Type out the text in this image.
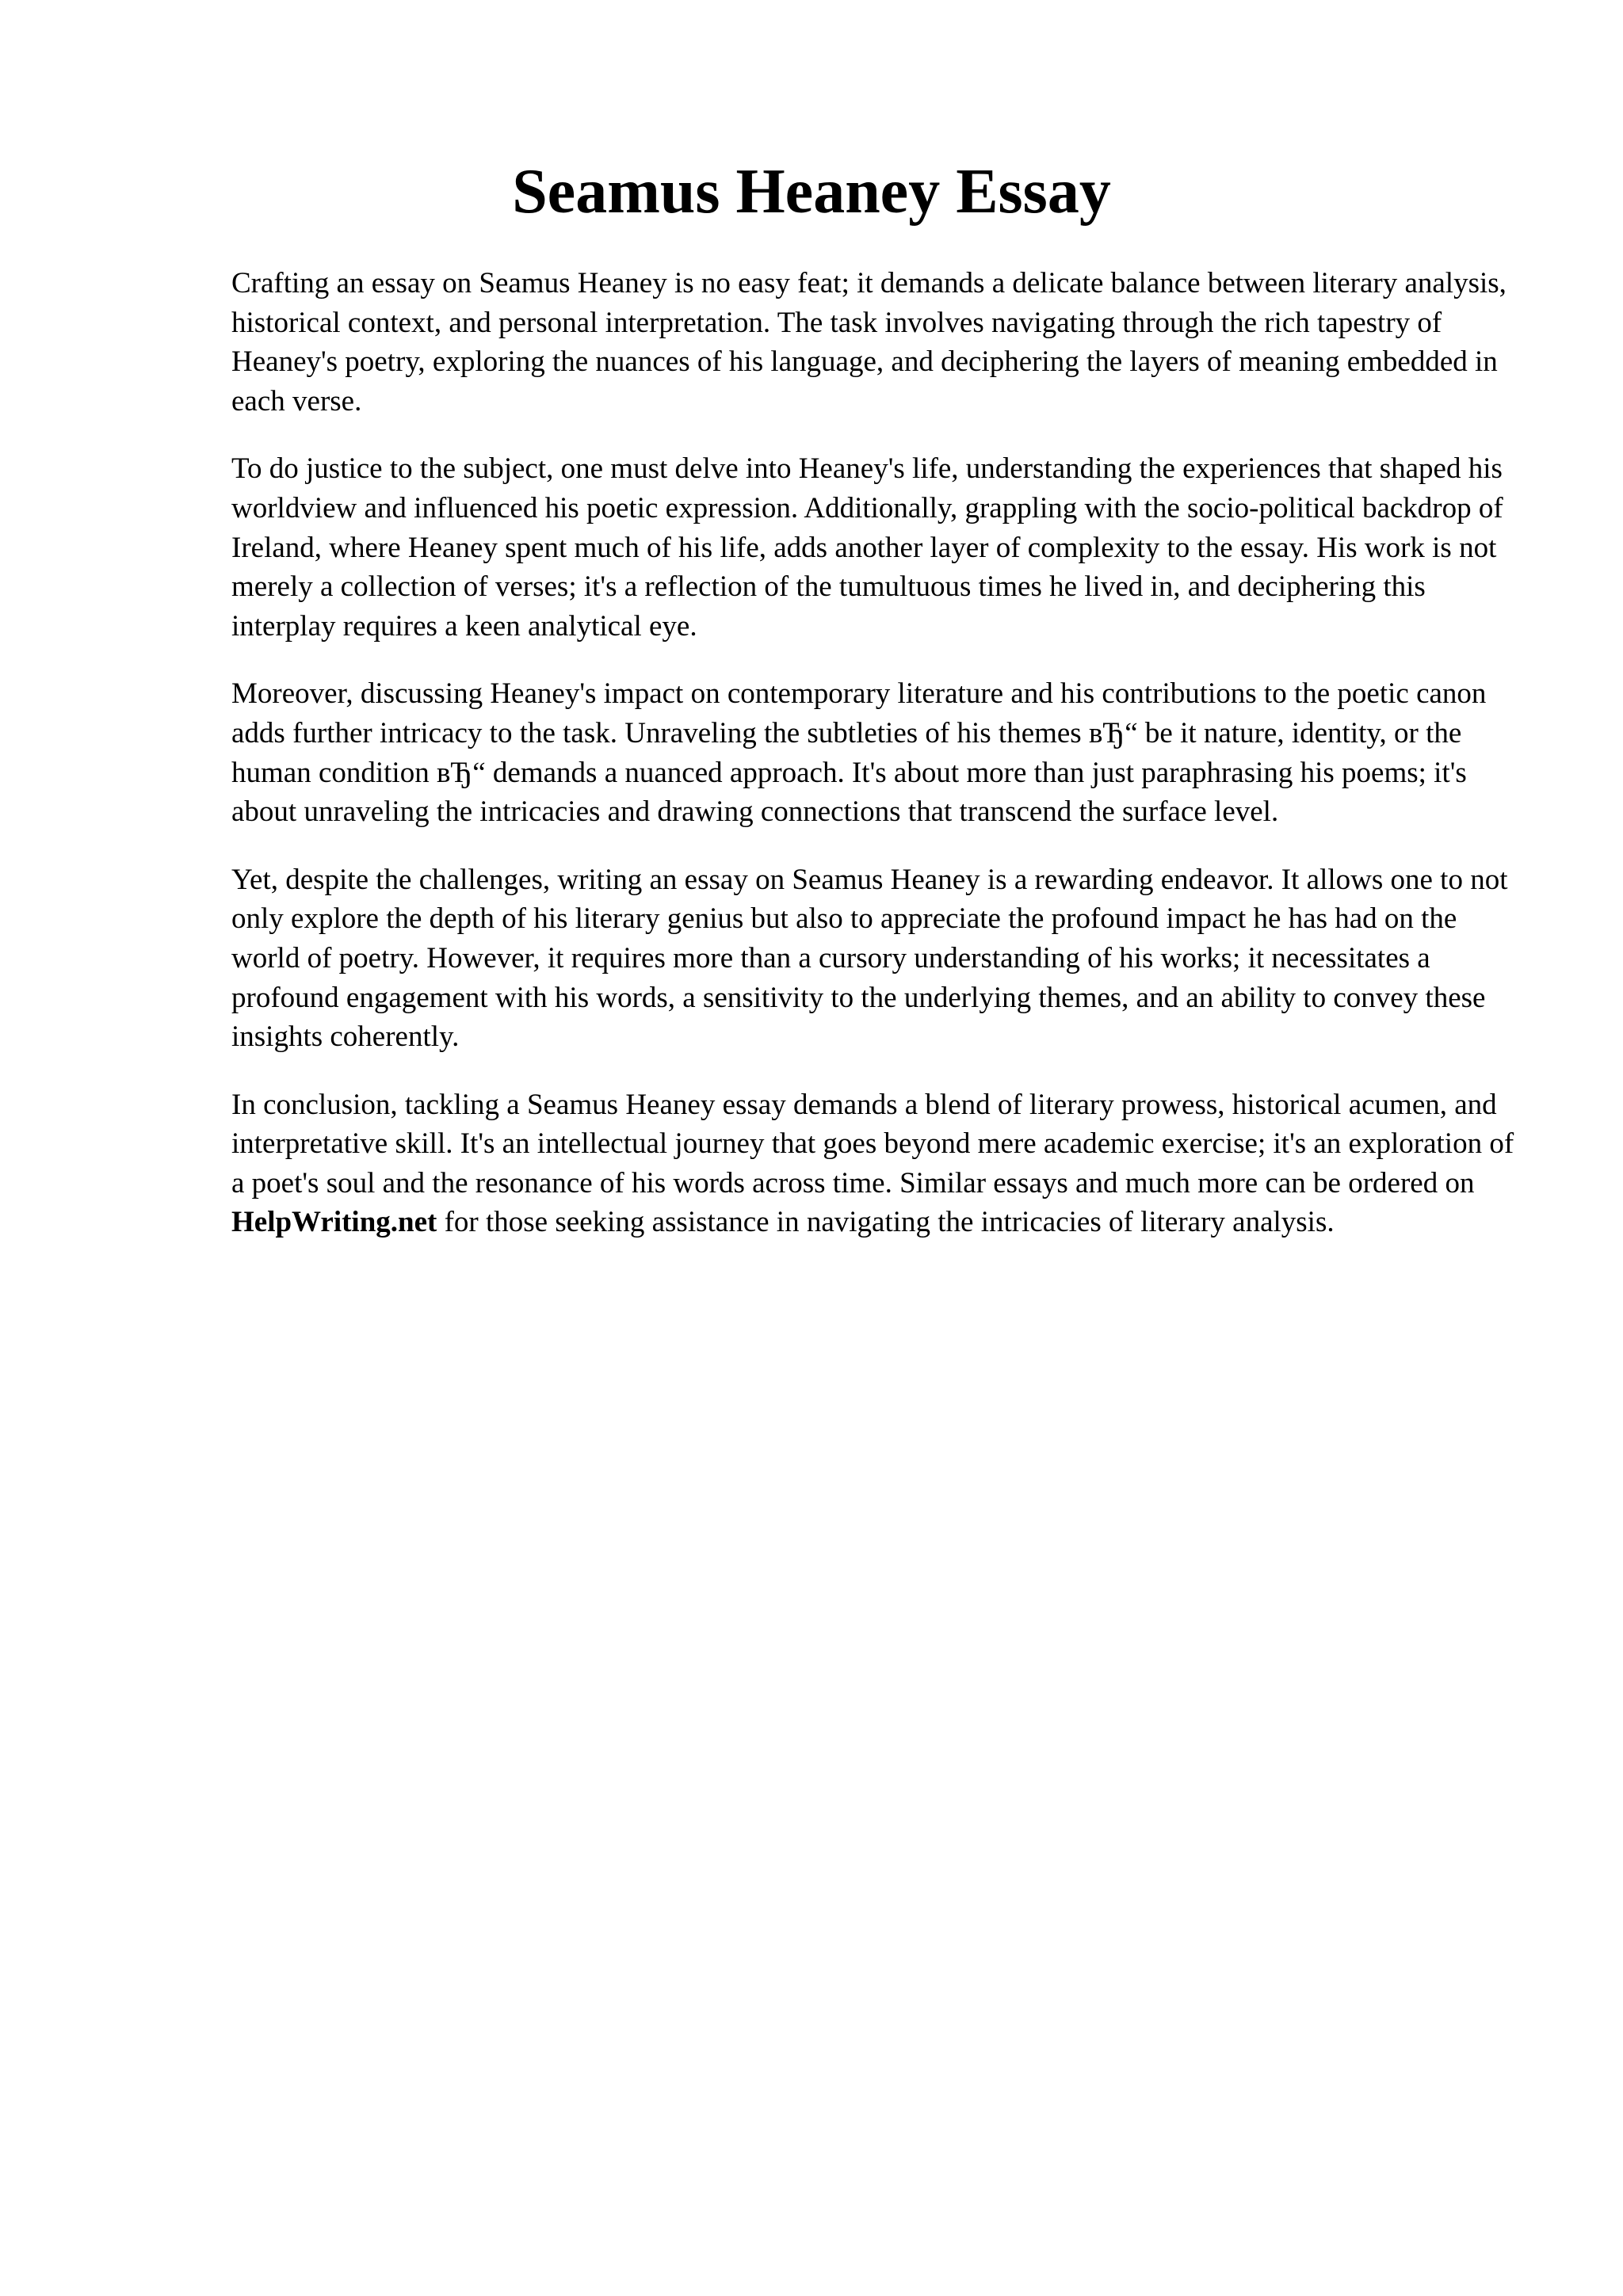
Seamus Heaney Essay

Crafting an essay on Seamus Heaney is no easy feat; it demands a delicate balance between literary analysis, historical context, and personal interpretation. The task involves navigating through the rich tapestry of Heaney's poetry, exploring the nuances of his language, and deciphering the layers of meaning embedded in each verse.

To do justice to the subject, one must delve into Heaney's life, understanding the experiences that shaped his worldview and influenced his poetic expression. Additionally, grappling with the socio-political backdrop of Ireland, where Heaney spent much of his life, adds another layer of complexity to the essay. His work is not merely a collection of verses; it's a reflection of the tumultuous times he lived in, and deciphering this interplay requires a keen analytical eye.

Moreover, discussing Heaney's impact on contemporary literature and his contributions to the poetic canon adds further intricacy to the task. Unraveling the subtleties of his themes вЂ“ be it nature, identity, or the human condition вЂ“ demands a nuanced approach. It's about more than just paraphrasing his poems; it's about unraveling the intricacies and drawing connections that transcend the surface level.

Yet, despite the challenges, writing an essay on Seamus Heaney is a rewarding endeavor. It allows one to not only explore the depth of his literary genius but also to appreciate the profound impact he has had on the world of poetry. However, it requires more than a cursory understanding of his works; it necessitates a profound engagement with his words, a sensitivity to the underlying themes, and an ability to convey these insights coherently.

In conclusion, tackling a Seamus Heaney essay demands a blend of literary prowess, historical acumen, and interpretative skill. It's an intellectual journey that goes beyond mere academic exercise; it's an exploration of a poet's soul and the resonance of his words across time. Similar essays and much more can be ordered on HelpWriting.net for those seeking assistance in navigating the intricacies of literary analysis.
